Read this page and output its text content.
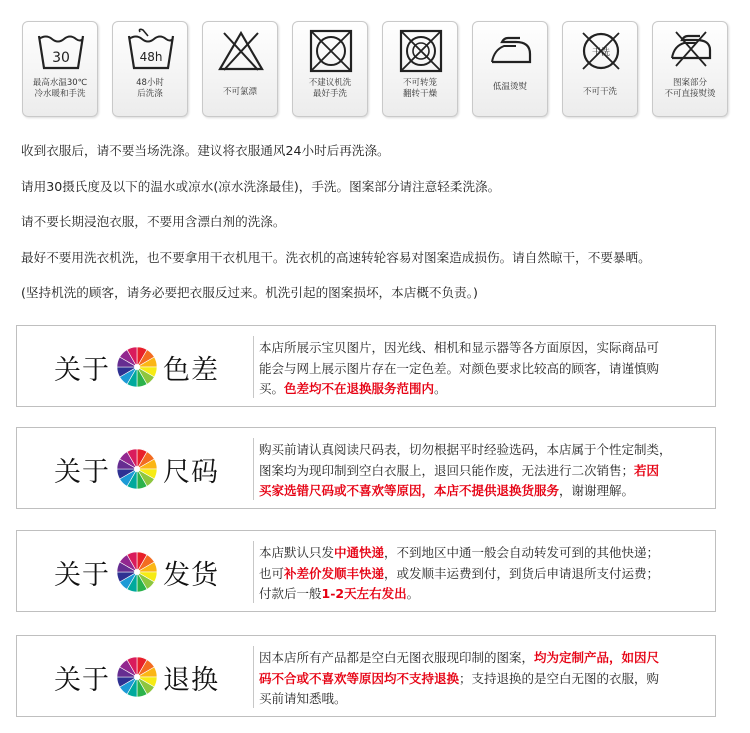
30
最高水温30℃
冷水暖和手洗
48h
48小时
后洗涤	不可氯漂
不建议机洗
最好手洗
不可转笼
翻转干燥
低温烫熨
干洗
不可干洗
图案部分
不可直接熨烫

收到衣服后，请不要当场洗涤。建议将衣服通风24小时后再洗涤。

请用30摄氏度及以下的温水或凉水(凉水洗涤最佳)，手洗。图案部分请注意轻柔洗涤。

请不要长期浸泡衣服，不要用含漂白剂的洗涤。

最好不要用洗衣机洗，也不要拿用干衣机甩干。洗衣机的高速转轮容易对图案造成损伤。请自然晾干，不要暴晒。

(坚持机洗的顾客，请务必要把衣服反过来。机洗引起的图案损坏，本店概不负责。)

关于 色差
本店所展示宝贝图片，因光线、相机和显示器等各方面原因，实际商品可
能会与网上展示图片存在一定色差。对颜色要求比较高的顾客，请谨慎购
买。色差均不在退换服务范围内。
关于 尺码
购买前请认真阅读尺码表，切勿根据平时经验选码，本店属于个性定制类，
图案均为现印制到空白衣服上，退回只能作废，无法进行二次销售；若因
买家选错尺码或不喜欢等原因，本店不提供退换货服务，谢谢理解。
关于 发货
本店默认只发中通快递，不到地区中通一般会自动转发可到的其他快递；
也可补差价发顺丰快递，或发顺丰运费到付，到货后申请退所支付运费；
付款后一般1-2天左右发出。
关于 退换
因本店所有产品都是空白无图衣服现印制的图案，均为定制产品，如因尺
码不合或不喜欢等原因均不支持退换；支持退换的是空白无图的衣服，购
买前请知悉哦。
